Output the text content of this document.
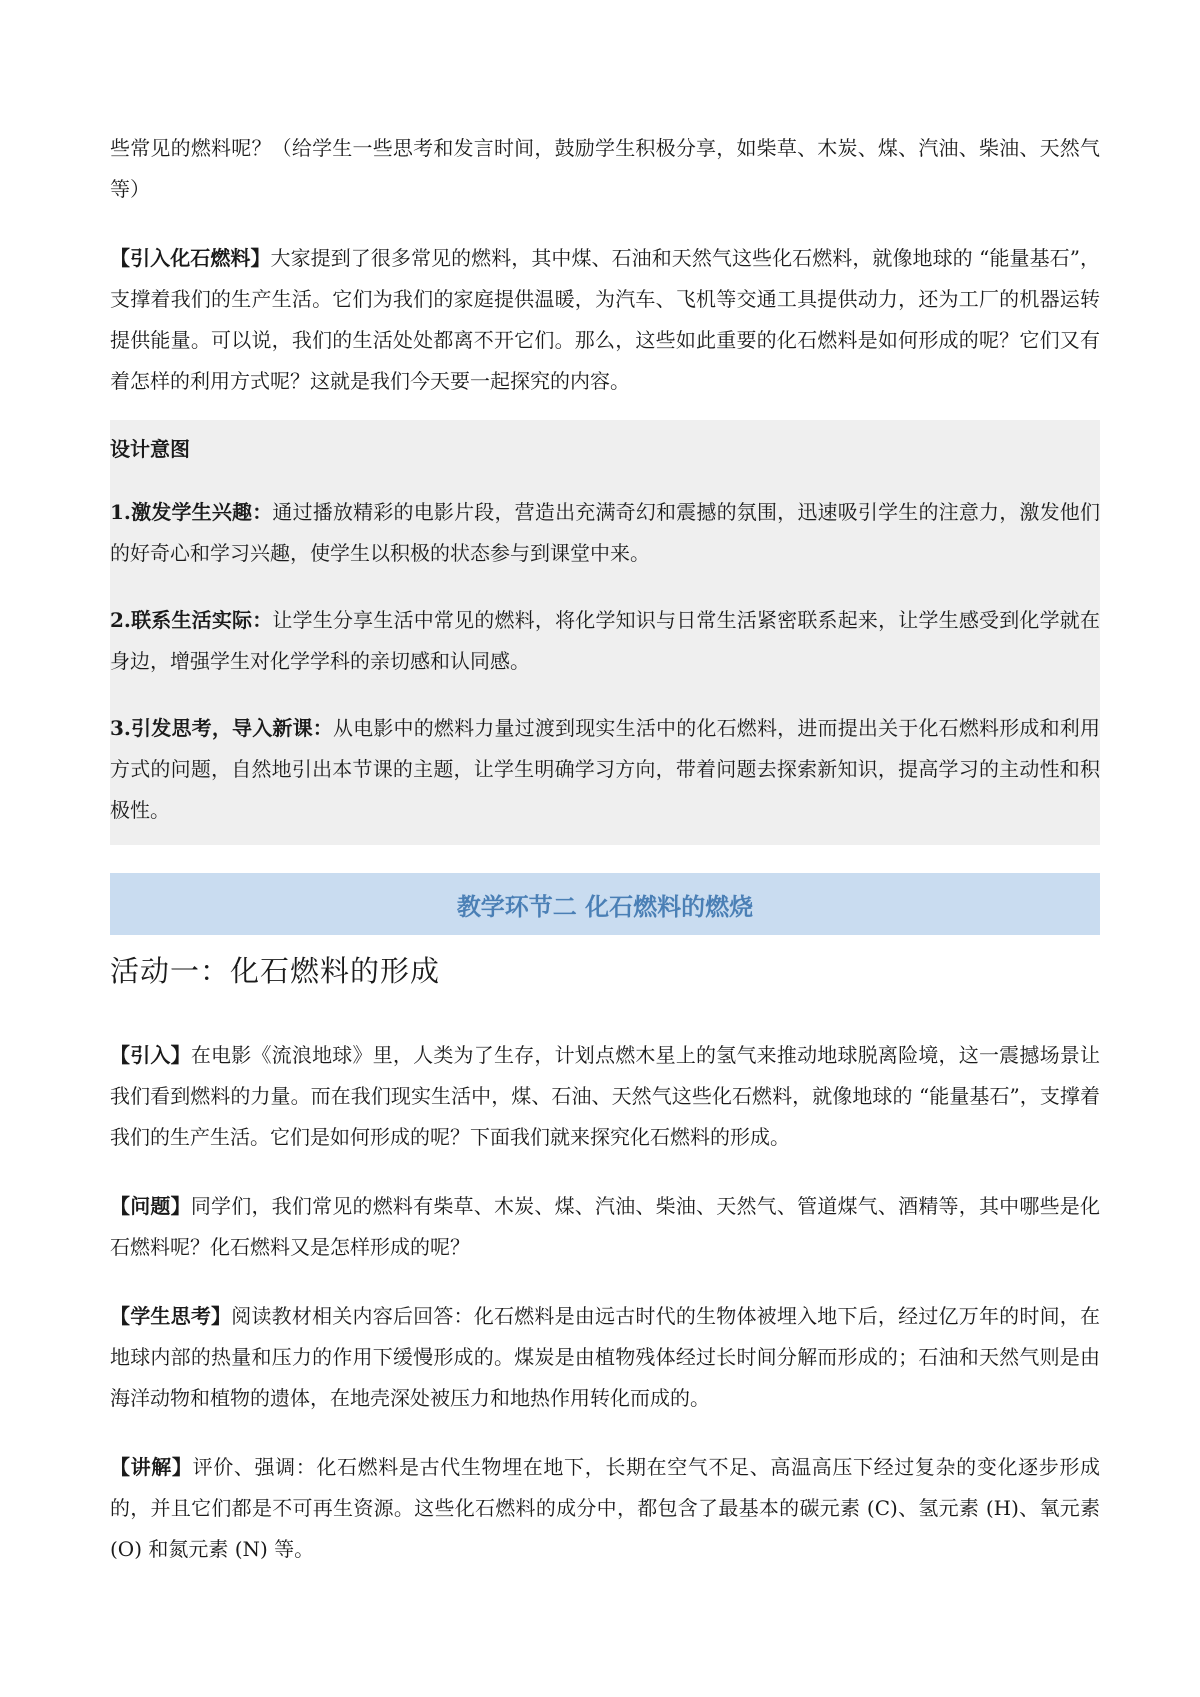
些常见的燃料呢？（给学生一些思考和发言时间，鼓励学生积极分享，如柴草、木炭、煤、汽油、柴油、天然气等）

【引入化石燃料】大家提到了很多常见的燃料，其中煤、石油和天然气这些化石燃料，就像地球的 “能量基石”，支撑着我们的生产生活。它们为我们的家庭提供温暖，为汽车、飞机等交通工具提供动力，还为工厂的机器运转提供能量。可以说，我们的生活处处都离不开它们。那么，这些如此重要的化石燃料是如何形成的呢？它们又有着怎样的利用方式呢？这就是我们今天要一起探究的内容。

设计意图

1.激发学生兴趣：通过播放精彩的电影片段，营造出充满奇幻和震撼的氛围，迅速吸引学生的注意力，激发他们的好奇心和学习兴趣，使学生以积极的状态参与到课堂中来。

2.联系生活实际：让学生分享生活中常见的燃料，将化学知识与日常生活紧密联系起来，让学生感受到化学就在身边，增强学生对化学学科的亲切感和认同感。

3.引发思考，导入新课：从电影中的燃料力量过渡到现实生活中的化石燃料，进而提出关于化石燃料形成和利用方式的问题，自然地引出本节课的主题，让学生明确学习方向，带着问题去探索新知识，提高学习的主动性和积极性。

教学环节二 化石燃料的燃烧
活动一：化石燃料的形成

【引入】在电影《流浪地球》里，人类为了生存，计划点燃木星上的氢气来推动地球脱离险境，这一震撼场景让我们看到燃料的力量。而在我们现实生活中，煤、石油、天然气这些化石燃料，就像地球的 “能量基石”，支撑着我们的生产生活。它们是如何形成的呢？下面我们就来探究化石燃料的形成。

【问题】同学们，我们常见的燃料有柴草、木炭、煤、汽油、柴油、天然气、管道煤气、酒精等，其中哪些是化石燃料呢？化石燃料又是怎样形成的呢？

【学生思考】阅读教材相关内容后回答：化石燃料是由远古时代的生物体被埋入地下后，经过亿万年的时间，在地球内部的热量和压力的作用下缓慢形成的。煤炭是由植物残体经过长时间分解而形成的；石油和天然气则是由海洋动物和植物的遗体，在地壳深处被压力和地热作用转化而成的。

【讲解】评价、强调：化石燃料是古代生物埋在地下，长期在空气不足、高温高压下经过复杂的变化逐步形成的，并且它们都是不可再生资源。这些化石燃料的成分中，都包含了最基本的碳元素 (C)、氢元素 (H)、氧元素 (O) 和氮元素 (N) 等。
